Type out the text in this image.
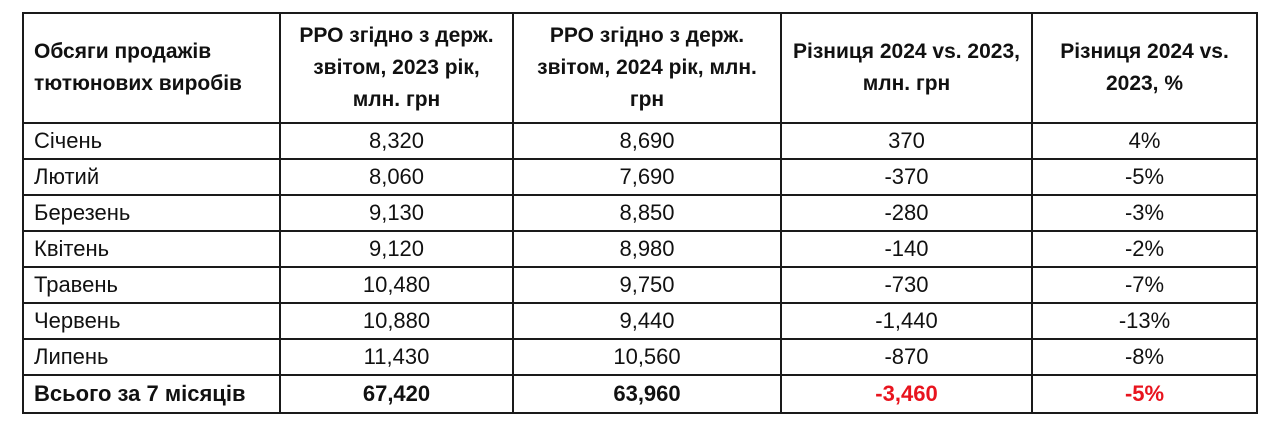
Обсяги продажів тютюнових виробів	РРО згідно з держ. звітом, 2023 рік, млн. грн	РРО згідно з держ. звітом, 2024 рік, млн. грн	Різниця 2024 vs. 2023, млн. грн	Різниця 2024 vs. 2023, %
Січень	8,320	8,690	370	4%
Лютий	8,060	7,690	-370	-5%
Березень	9,130	8,850	-280	-3%
Квітень	9,120	8,980	-140	-2%
Травень	10,480	9,750	-730	-7%
Червень	10,880	9,440	-1,440	-13%
Липень	11,430	10,560	-870	-8%
Всього за 7 місяців	67,420	63,960	-3,460	-5%
